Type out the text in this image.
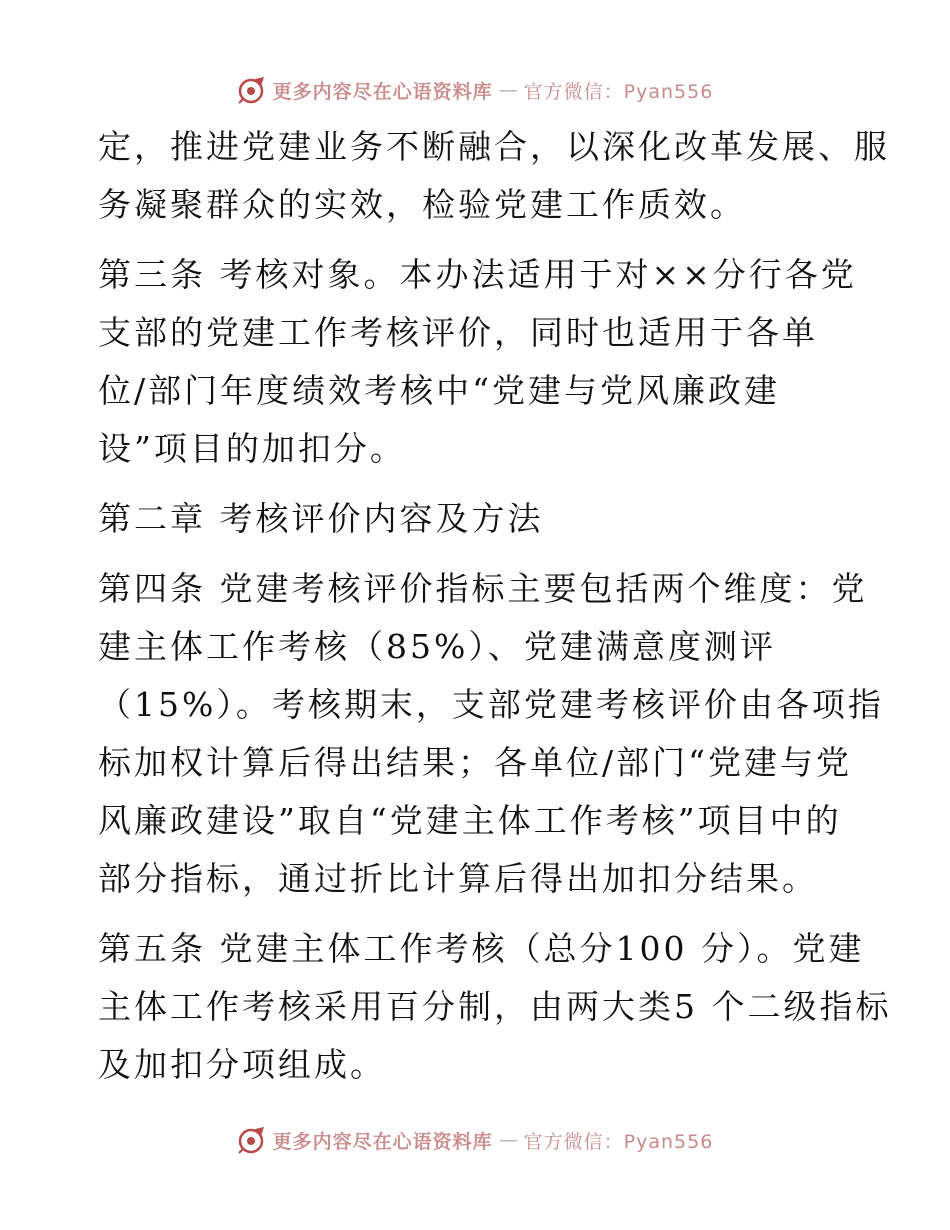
更多内容尽在心语资料库 — 官方微信：Pyan556
定，推进党建业务不断融合，以深化改革发展、服
务凝聚群众的实效，检验党建工作质效。
第三条 考核对象。本办法适用于对××分行各党
支部的党建工作考核评价，同时也适用于各单
位/部门年度绩效考核中“党建与党风廉政建
设”项目的加扣分。
第二章 考核评价内容及方法
第四条 党建考核评价指标主要包括两个维度：党
建主体工作考核（85%）、党建满意度测评
（15%）。考核期末，支部党建考核评价由各项指
标加权计算后得出结果；各单位/部门“党建与党
风廉政建设”取自“党建主体工作考核”项目中的
部分指标，通过折比计算后得出加扣分结果。
第五条 党建主体工作考核（总分100 分）。党建
主体工作考核采用百分制，由两大类5 个二级指标
及加扣分项组成。
更多内容尽在心语资料库 — 官方微信：Pyan556
